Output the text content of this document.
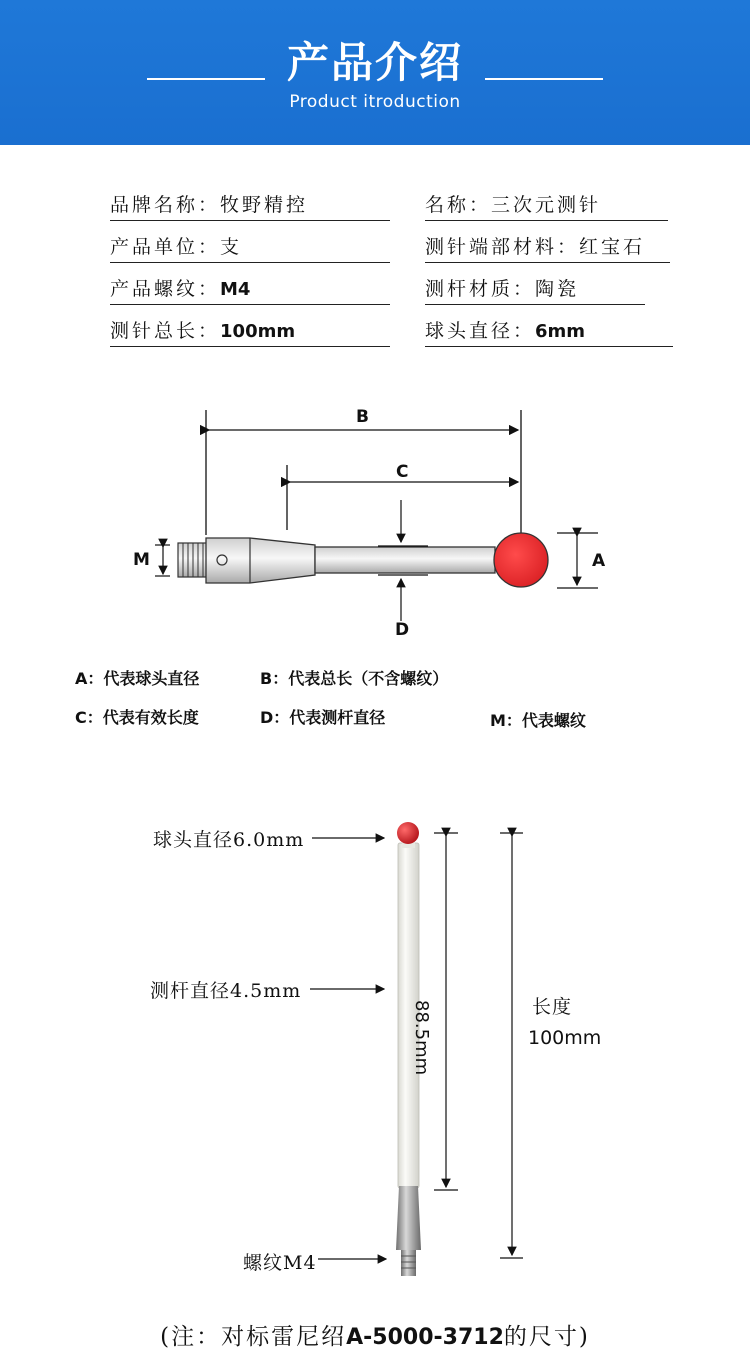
产品介绍
Product itroduction
品牌名称：牧野精控	名称：三次元测针
产品单位：支	测针端部材料：红宝石
产品螺纹：M4	测杆材质：陶瓷
测针总长：100mm	球头直径：6mm
B
C
M	A
D
A：代表球头直径	B：代表总长（不含螺纹）
C：代表有效长度	D：代表测杆直径	M：代表螺纹
球头直径6.0mm
测杆直径4.5mm
螺纹M4
88.5mm	长度
100mm
(注：对标雷尼绍A-5000-3712的尺寸)
